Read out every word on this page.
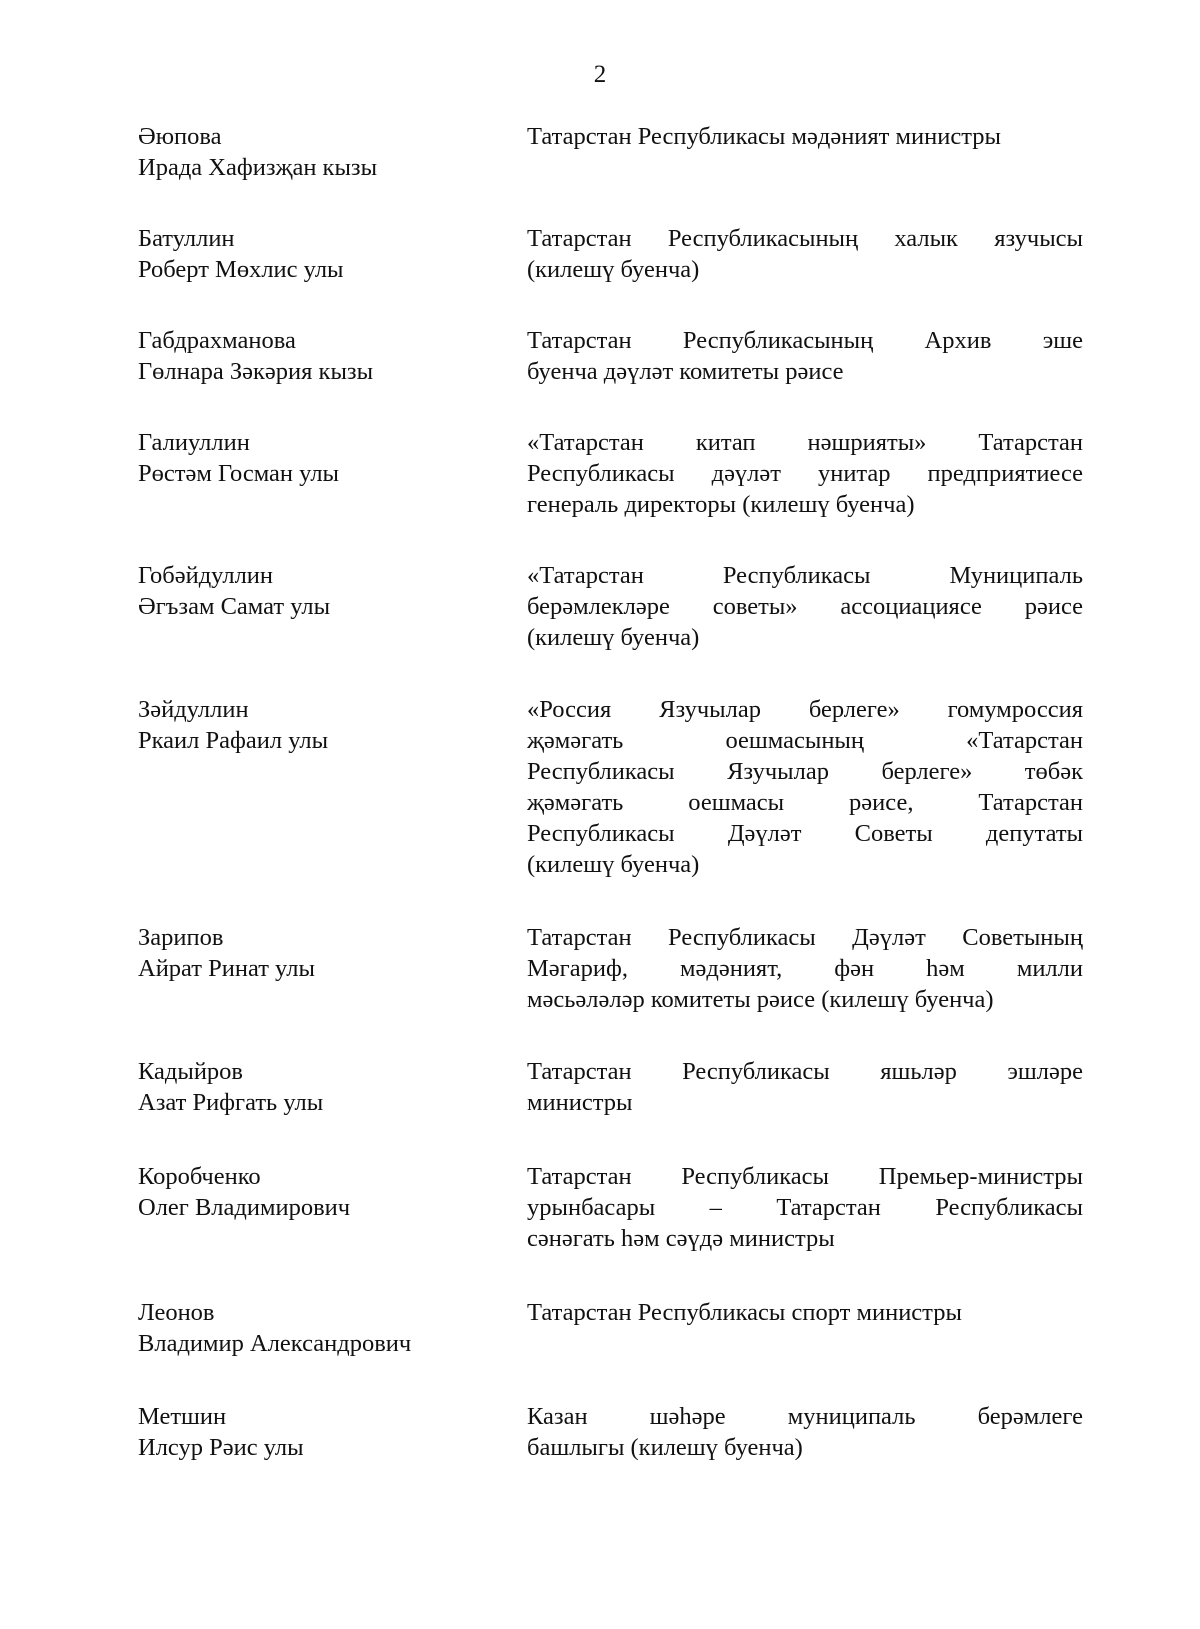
2
Әюпова
Ирада Хафизҗан кызы
Татарстан Республикасы мәдәният министры
Батуллин
Роберт Мөхлис улы
Татарстан Республикасының халык язучысы
(килешү буенча)
Габдрахманова
Гөлнара Зәкәрия кызы
Татарстан Республикасының Архив эше
буенча дәүләт комитеты рәисе
Галиуллин
Рөстәм Госман улы
«Татарстан китап нәшрияты» Татарстан
Республикасы дәүләт унитар предприятиесе
генераль директоры (килешү буенча)
Гобәйдуллин
Әгъзам Самат улы
«Татарстан Республикасы Муниципаль
берәмлекләре советы» ассоциациясе рәисе
(килешү буенча)
Зәйдуллин
Ркаил Рафаил улы
«Россия Язучылар берлеге» гомумроссия
җәмәгать оешмасының «Татарстан
Республикасы Язучылар берлеге» төбәк
җәмәгать оешмасы рәисе, Татарстан
Республикасы Дәүләт Советы депутаты
(килешү буенча)
Зарипов
Айрат Ринат улы
Татарстан Республикасы Дәүләт Советының
Мәгариф, мәдәният, фән һәм милли
мәсьәләләр комитеты рәисе (килешү буенча)
Кадыйров
Азат Рифгать улы
Татарстан Республикасы яшьләр эшләре
министры
Коробченко
Олег Владимирович
Татарстан Республикасы Премьер-министры
урынбасары – Татарстан Республикасы
сәнәгать һәм сәүдә министры
Леонов
Владимир Александрович
Татарстан Республикасы спорт министры
Метшин
Илсур Рәис улы
Казан шәһәре муниципаль берәмлеге
башлыгы (килешү буенча)
